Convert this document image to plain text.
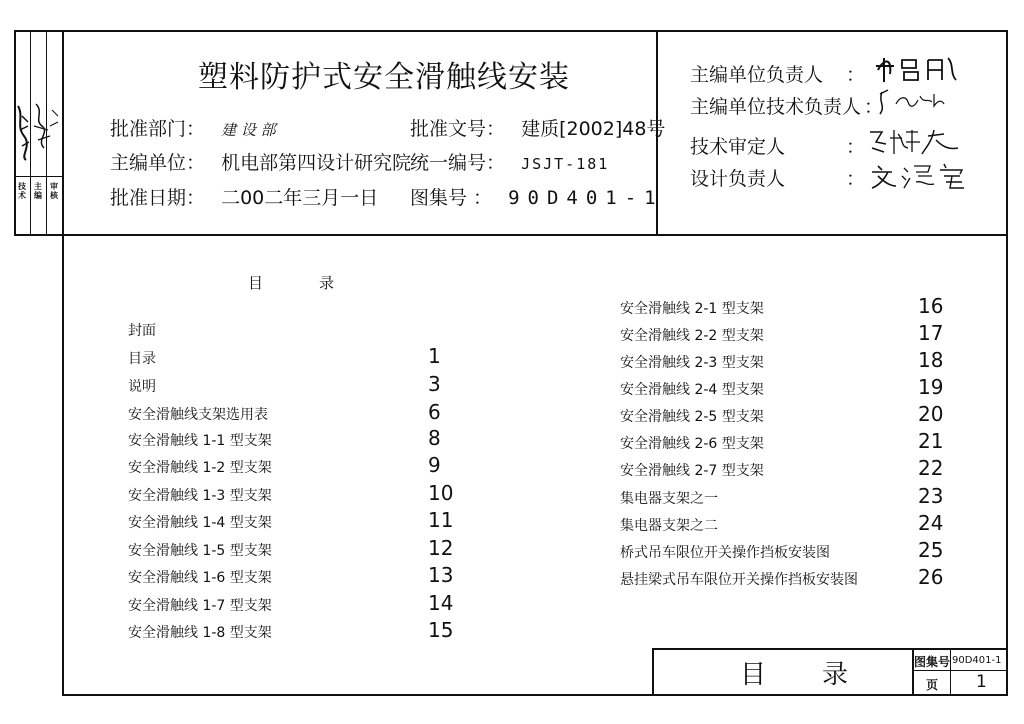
技术
主编
审核
塑料防护式安全滑触线安装
批准部门： 建 设 部
主编单位： 机电部第四设计研究院
批准日期： 二00二年三月一日
批准文号： 建质[2002]48号
统一编号： JSJT-181
图集号 ： 90D401-1
主编单位负责人 ：
主编单位技术负责人 ：
技术审定人	：
设计负责人	：
目录
封面
目录	1
说明	3
安全滑触线支架选用表	6
安全滑触线 1-1 型支架	8
安全滑触线 1-2 型支架	9
安全滑触线 1-3 型支架	10
安全滑触线 1-4 型支架	11
安全滑触线 1-5 型支架	12
安全滑触线 1-6 型支架	13
安全滑触线 1-7 型支架	14
安全滑触线 1-8 型支架	15
安全滑触线 2-1 型支架	16
安全滑触线 2-2 型支架	17
安全滑触线 2-3 型支架	18
安全滑触线 2-4 型支架	19
安全滑触线 2-5 型支架	20
安全滑触线 2-6 型支架	21
安全滑触线 2-7 型支架	22
集电器支架之一	23
集电器支架之二	24
桥式吊车限位开关操作挡板安装图	25
悬挂梁式吊车限位开关操作挡板安装图	26
目录 图集号 90D401-1
页 1
